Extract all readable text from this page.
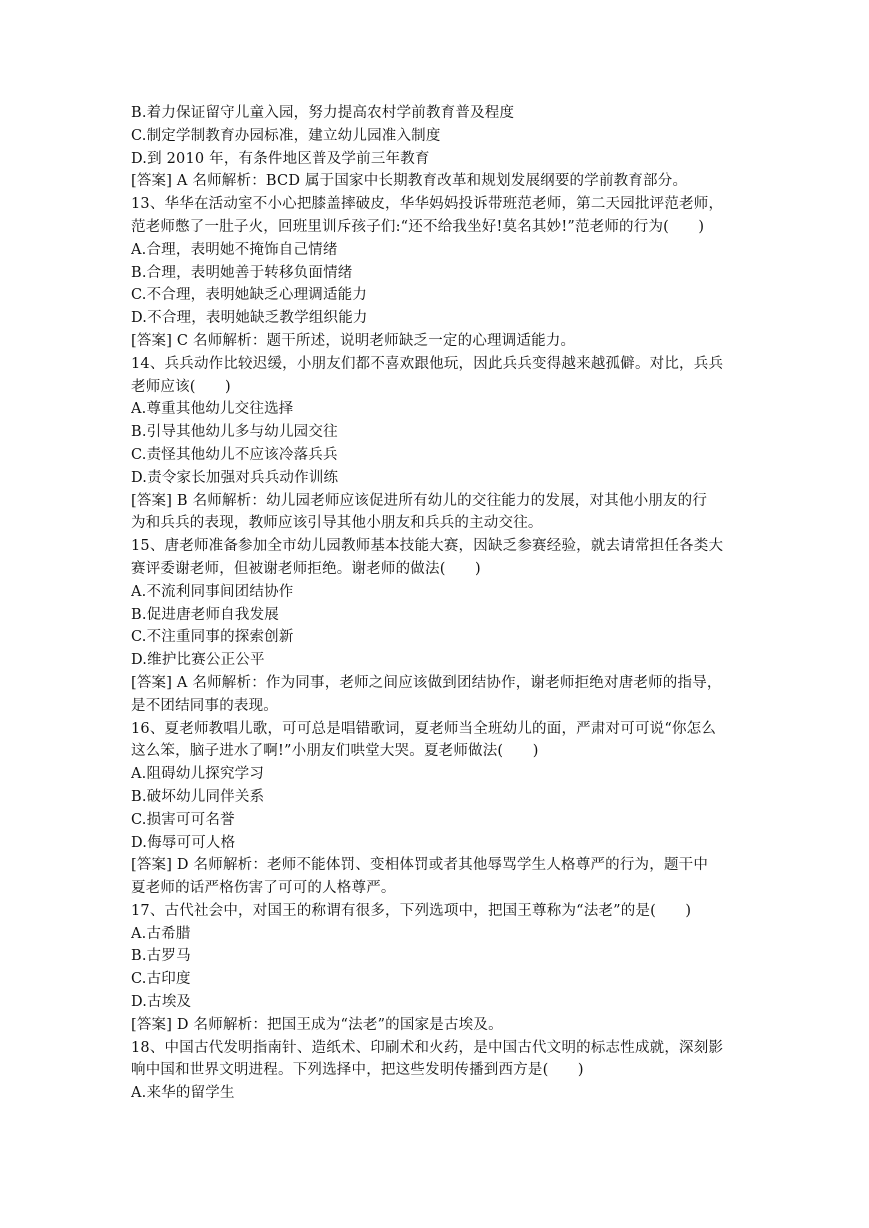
B.着力保证留守儿童入园，努力提高农村学前教育普及程度
C.制定学制教育办园标准，建立幼儿园准入制度
D.到 2010 年，有条件地区普及学前三年教育
[答案] A 名师解析：BCD 属于国家中长期教育改革和规划发展纲要的学前教育部分。
13、华华在活动室不小心把膝盖摔破皮，华华妈妈投诉带班范老师，第二天园批评范老师，
范老师憋了一肚子火，回班里训斥孩子们:“还不给我坐好!莫名其妙!”范老师的行为(　　)
A.合理，表明她不掩饰自己情绪
B.合理，表明她善于转移负面情绪
C.不合理，表明她缺乏心理调适能力
D.不合理，表明她缺乏教学组织能力
[答案] C 名师解析：题干所述，说明老师缺乏一定的心理调适能力。
14、兵兵动作比较迟缓，小朋友们都不喜欢跟他玩，因此兵兵变得越来越孤僻。对比，兵兵
老师应该(　　)
A.尊重其他幼儿交往选择
B.引导其他幼儿多与幼儿园交往
C.责怪其他幼儿不应该冷落兵兵
D.责令家长加强对兵兵动作训练
[答案] B 名师解析：幼儿园老师应该促进所有幼儿的交往能力的发展，对其他小朋友的行
为和兵兵的表现，教师应该引导其他小朋友和兵兵的主动交往。
15、唐老师准备参加全市幼儿园教师基本技能大赛，因缺乏参赛经验，就去请常担任各类大
赛评委谢老师，但被谢老师拒绝。谢老师的做法(　　)
A.不流利同事间团结协作
B.促进唐老师自我发展
C.不注重同事的探索创新
D.维护比赛公正公平
[答案] A 名师解析：作为同事，老师之间应该做到团结协作，谢老师拒绝对唐老师的指导，
是不团结同事的表现。
16、夏老师教唱儿歌，可可总是唱错歌词，夏老师当全班幼儿的面，严肃对可可说“你怎么
这么笨，脑子进水了啊!”小朋友们哄堂大哭。夏老师做法(　　)
A.阻碍幼儿探究学习
B.破坏幼儿同伴关系
C.损害可可名誉
D.侮辱可可人格
[答案] D 名师解析：老师不能体罚、变相体罚或者其他辱骂学生人格尊严的行为，题干中
夏老师的话严格伤害了可可的人格尊严。
17、古代社会中，对国王的称谓有很多，下列选项中，把国王尊称为“法老”的是(　　)
A.古希腊
B.古罗马
C.古印度
D.古埃及
[答案] D 名师解析：把国王成为“法老”的国家是古埃及。
18、中国古代发明指南针、造纸术、印刷术和火药，是中国古代文明的标志性成就，深刻影
响中国和世界文明进程。下列选择中，把这些发明传播到西方是(　　)
A.来华的留学生
